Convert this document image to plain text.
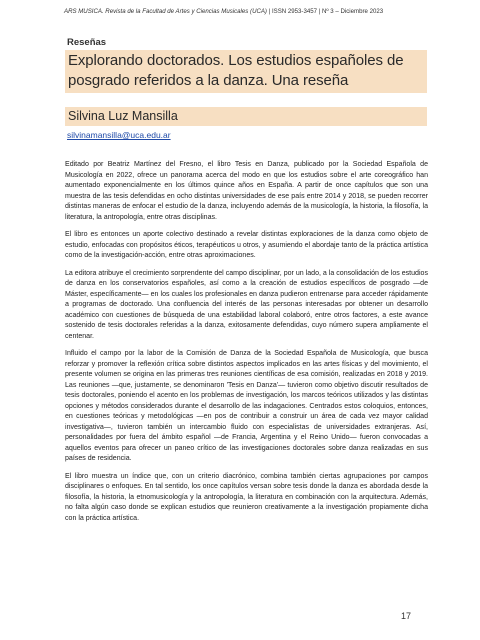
ARS MUSICA. Revista de la Facultad de Artes y Ciencias Musicales (UCA) | ISSN 2953-3457 | Nº 3 – Diciembre 2023
Reseñas
Explorando doctorados. Los estudios españoles de posgrado referidos a la danza. Una reseña
Silvina Luz Mansilla
silvinamansilla@uca.edu.ar

Editado por Beatriz Martínez del Fresno, el libro Tesis en Danza, publicado por la Sociedad Española de Musicología en 2022, ofrece un panorama acerca del modo en que los estudios sobre el arte coreográfico han aumentado exponencialmente en los últimos quince años en España. A partir de once capítulos que son una muestra de las tesis defendidas en ocho distintas universidades de ese país entre 2014 y 2018, se pueden recorrer distintas maneras de enfocar el estudio de la danza, incluyendo además de la musicología, la historia, la filosofía, la literatura, la antropología, entre otras disciplinas.

El libro es entonces un aporte colectivo destinado a revelar distintas exploraciones de la danza como objeto de estudio, enfocadas con propósitos éticos, terapéuticos u otros, y asumiendo el abordaje tanto de la práctica artística como de la investigación-acción, entre otras aproximaciones.

La editora atribuye el crecimiento sorprendente del campo disciplinar, por un lado, a la consolidación de los estudios de danza en los conservatorios españoles, así como a la creación de estudios específicos de posgrado —de Máster, específicamente— en los cuales los profesionales en danza pudieron entrenarse para acceder rápidamente a programas de doctorado. Una confluencia del interés de las personas interesadas por obtener un desarrollo académico con cuestiones de búsqueda de una estabilidad laboral colaboró, entre otros factores, a este avance sostenido de tesis doctorales referidas a la danza, exitosamente defendidas, cuyo número supera ampliamente el centenar.

Influido el campo por la labor de la Comisión de Danza de la Sociedad Española de Musicología, que busca reforzar y promover la reflexión crítica sobre distintos aspectos implicados en las artes físicas y del movimiento, el presente volumen se origina en las primeras tres reuniones científicas de esa comisión, realizadas en 2018 y 2019. Las reuniones —que, justamente, se denominaron 'Tesis en Danza'— tuvieron como objetivo discutir resultados de tesis doctorales, poniendo el acento en los problemas de investigación, los marcos teóricos utilizados y las distintas opciones y métodos considerados durante el desarrollo de las indagaciones. Centrados estos coloquios, entonces, en cuestiones teóricas y metodológicas —en pos de contribuir a construir un área de cada vez mayor calidad investigativa—, tuvieron también un intercambio fluido con especialistas de universidades extranjeras. Así, personalidades por fuera del ámbito español —de Francia, Argentina y el Reino Unido— fueron convocadas a aquellos eventos para ofrecer un paneo crítico de las investigaciones doctorales sobre danza realizadas en sus países de residencia.

El libro muestra un índice que, con un criterio diacrónico, combina también ciertas agrupaciones por campos disciplinares o enfoques. En tal sentido, los once capítulos versan sobre tesis donde la danza es abordada desde la filosofía, la historia, la etnomusicología y la antropología, la literatura en combinación con la arquitectura. Además, no falta algún caso donde se explican estudios que reunieron creativamente a la investigación propiamente dicha con la práctica artística.

17
